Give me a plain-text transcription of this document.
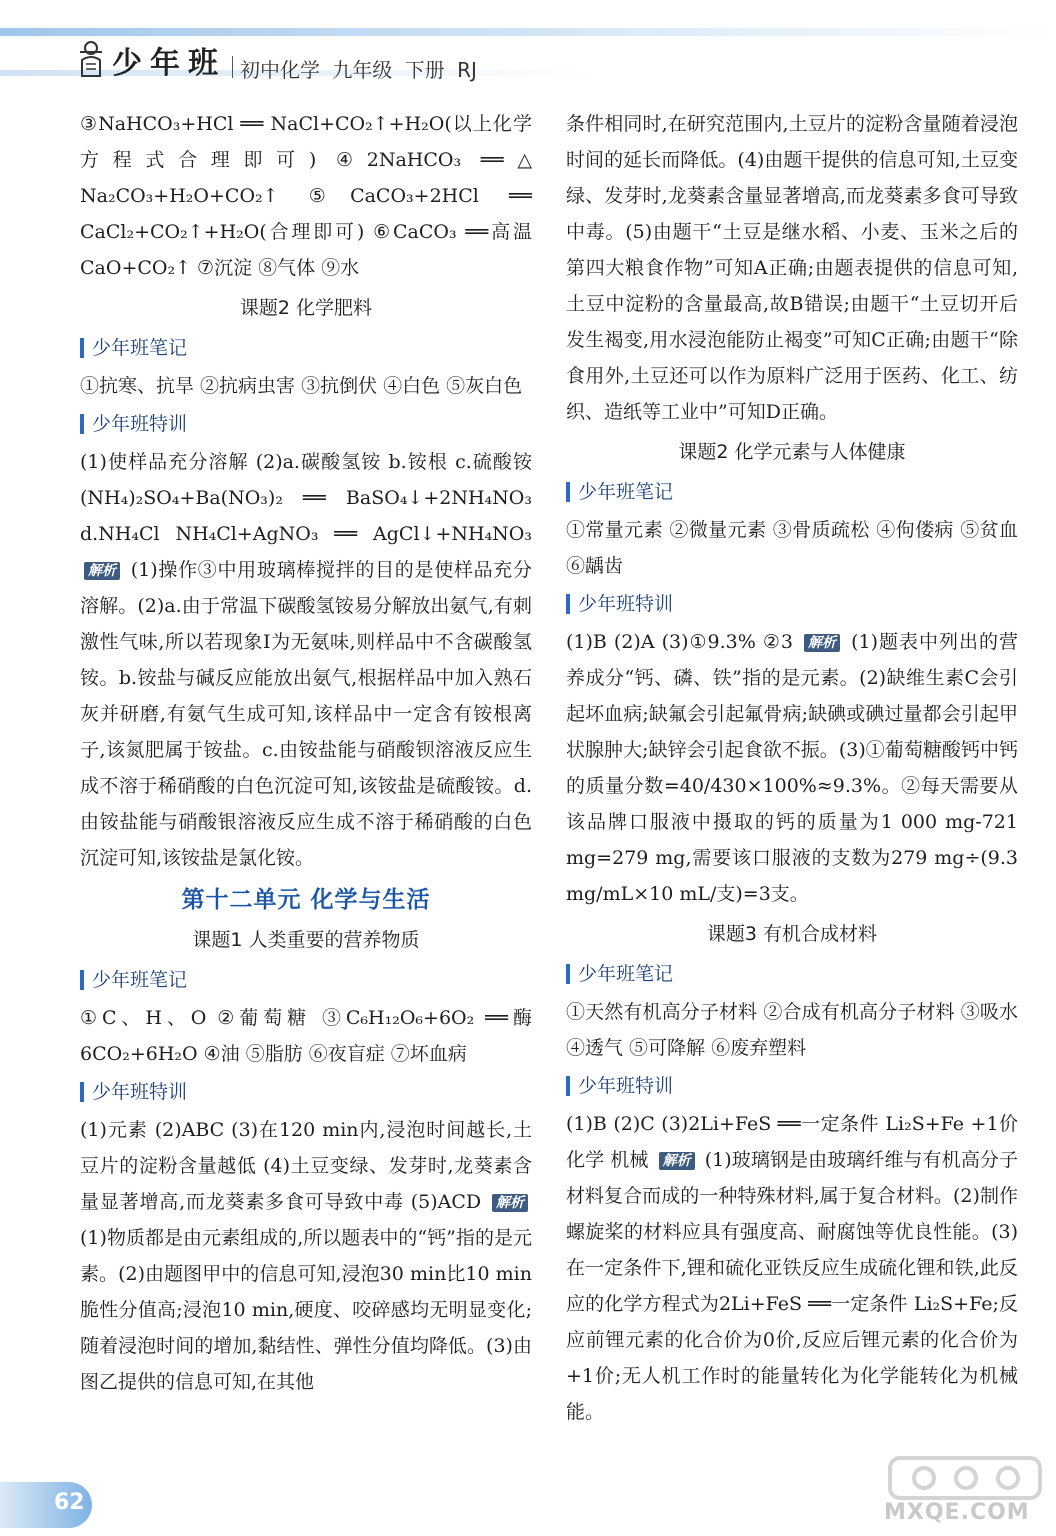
少年班 初中化学 九年级 下册 RJ

③NaHCO₃+HCl ══ NaCl+CO₂↑+H₂O(以上化学方程式合理即可) ④2NaHCO₃ ══△ Na₂CO₃+H₂O+CO₂↑ ⑤CaCO₃+2HCl ══ CaCl₂+CO₂↑+H₂O(合理即可) ⑥CaCO₃ ══高温 CaO+CO₂↑ ⑦沉淀 ⑧气体 ⑨水

课题2 化学肥料
少年班笔记

①抗寒、抗旱 ②抗病虫害 ③抗倒伏 ④白色 ⑤灰白色

少年班特训

(1)使样品充分溶解 (2)a.碳酸氢铵 b.铵根 c.硫酸铵 (NH₄)₂SO₄+Ba(NO₃)₂ ══ BaSO₄↓+2NH₄NO₃ d.NH₄Cl NH₄Cl+AgNO₃ ══ AgCl↓+NH₄NO₃ 解析 (1)操作③中用玻璃棒搅拌的目的是使样品充分溶解。(2)a.由于常温下碳酸氢铵易分解放出氨气,有刺激性气味,所以若现象I为无氨味,则样品中不含碳酸氢铵。b.铵盐与碱反应能放出氨气,根据样品中加入熟石灰并研磨,有氨气生成可知,该样品中一定含有铵根离子,该氮肥属于铵盐。c.由铵盐能与硝酸钡溶液反应生成不溶于稀硝酸的白色沉淀可知,该铵盐是硫酸铵。d.由铵盐能与硝酸银溶液反应生成不溶于稀硝酸的白色沉淀可知,该铵盐是氯化铵。

第十二单元 化学与生活
课题1 人类重要的营养物质
少年班笔记

①C、H、O ②葡萄糖 ③C₆H₁₂O₆+6O₂ ══酶 6CO₂+6H₂O ④油 ⑤脂肪 ⑥夜盲症 ⑦坏血病

少年班特训

(1)元素 (2)ABC (3)在120 min内,浸泡时间越长,土豆片的淀粉含量越低 (4)土豆变绿、发芽时,龙葵素含量显著增高,而龙葵素多食可导致中毒 (5)ACD 解析 (1)物质都是由元素组成的,所以题表中的“钙”指的是元素。(2)由题图甲中的信息可知,浸泡30 min比10 min脆性分值高;浸泡10 min,硬度、咬碎感均无明显变化;随着浸泡时间的增加,黏结性、弹性分值均降低。(3)由图乙提供的信息可知,在其他

条件相同时,在研究范围内,土豆片的淀粉含量随着浸泡时间的延长而降低。(4)由题干提供的信息可知,土豆变绿、发芽时,龙葵素含量显著增高,而龙葵素多食可导致中毒。(5)由题干“土豆是继水稻、小麦、玉米之后的第四大粮食作物”可知A正确;由题表提供的信息可知,土豆中淀粉的含量最高,故B错误;由题干“土豆切开后发生褐变,用水浸泡能防止褐变”可知C正确;由题干“除食用外,土豆还可以作为原料广泛用于医药、化工、纺织、造纸等工业中”可知D正确。

课题2 化学元素与人体健康
少年班笔记

①常量元素 ②微量元素 ③骨质疏松 ④佝偻病 ⑤贫血 ⑥龋齿

少年班特训

(1)B (2)A (3)①9.3% ②3 解析 (1)题表中列出的营养成分“钙、磷、铁”指的是元素。(2)缺维生素C会引起坏血病;缺氟会引起氟骨病;缺碘或碘过量都会引起甲状腺肿大;缺锌会引起食欲不振。(3)①葡萄糖酸钙中钙的质量分数=40/430×100%≈9.3%。②每天需要从该品牌口服液中摄取的钙的质量为1 000 mg-721 mg=279 mg,需要该口服液的支数为279 mg÷(9.3 mg/mL×10 mL/支)=3支。

课题3 有机合成材料
少年班笔记

①天然有机高分子材料 ②合成有机高分子材料 ③吸水 ④透气 ⑤可降解 ⑥废弃塑料

少年班特训

(1)B (2)C (3)2Li+FeS ══一定条件 Li₂S+Fe +1价 化学 机械 解析 (1)玻璃钢是由玻璃纤维与有机高分子材料复合而成的一种特殊材料,属于复合材料。(2)制作螺旋桨的材料应具有强度高、耐腐蚀等优良性能。(3)在一定条件下,锂和硫化亚铁反应生成硫化锂和铁,此反应的化学方程式为2Li+FeS ══一定条件 Li₂S+Fe;反应前锂元素的化合价为0价,反应后锂元素的化合价为+1价;无人机工作时的能量转化为化学能转化为机械能。

62	MXQE.COM
